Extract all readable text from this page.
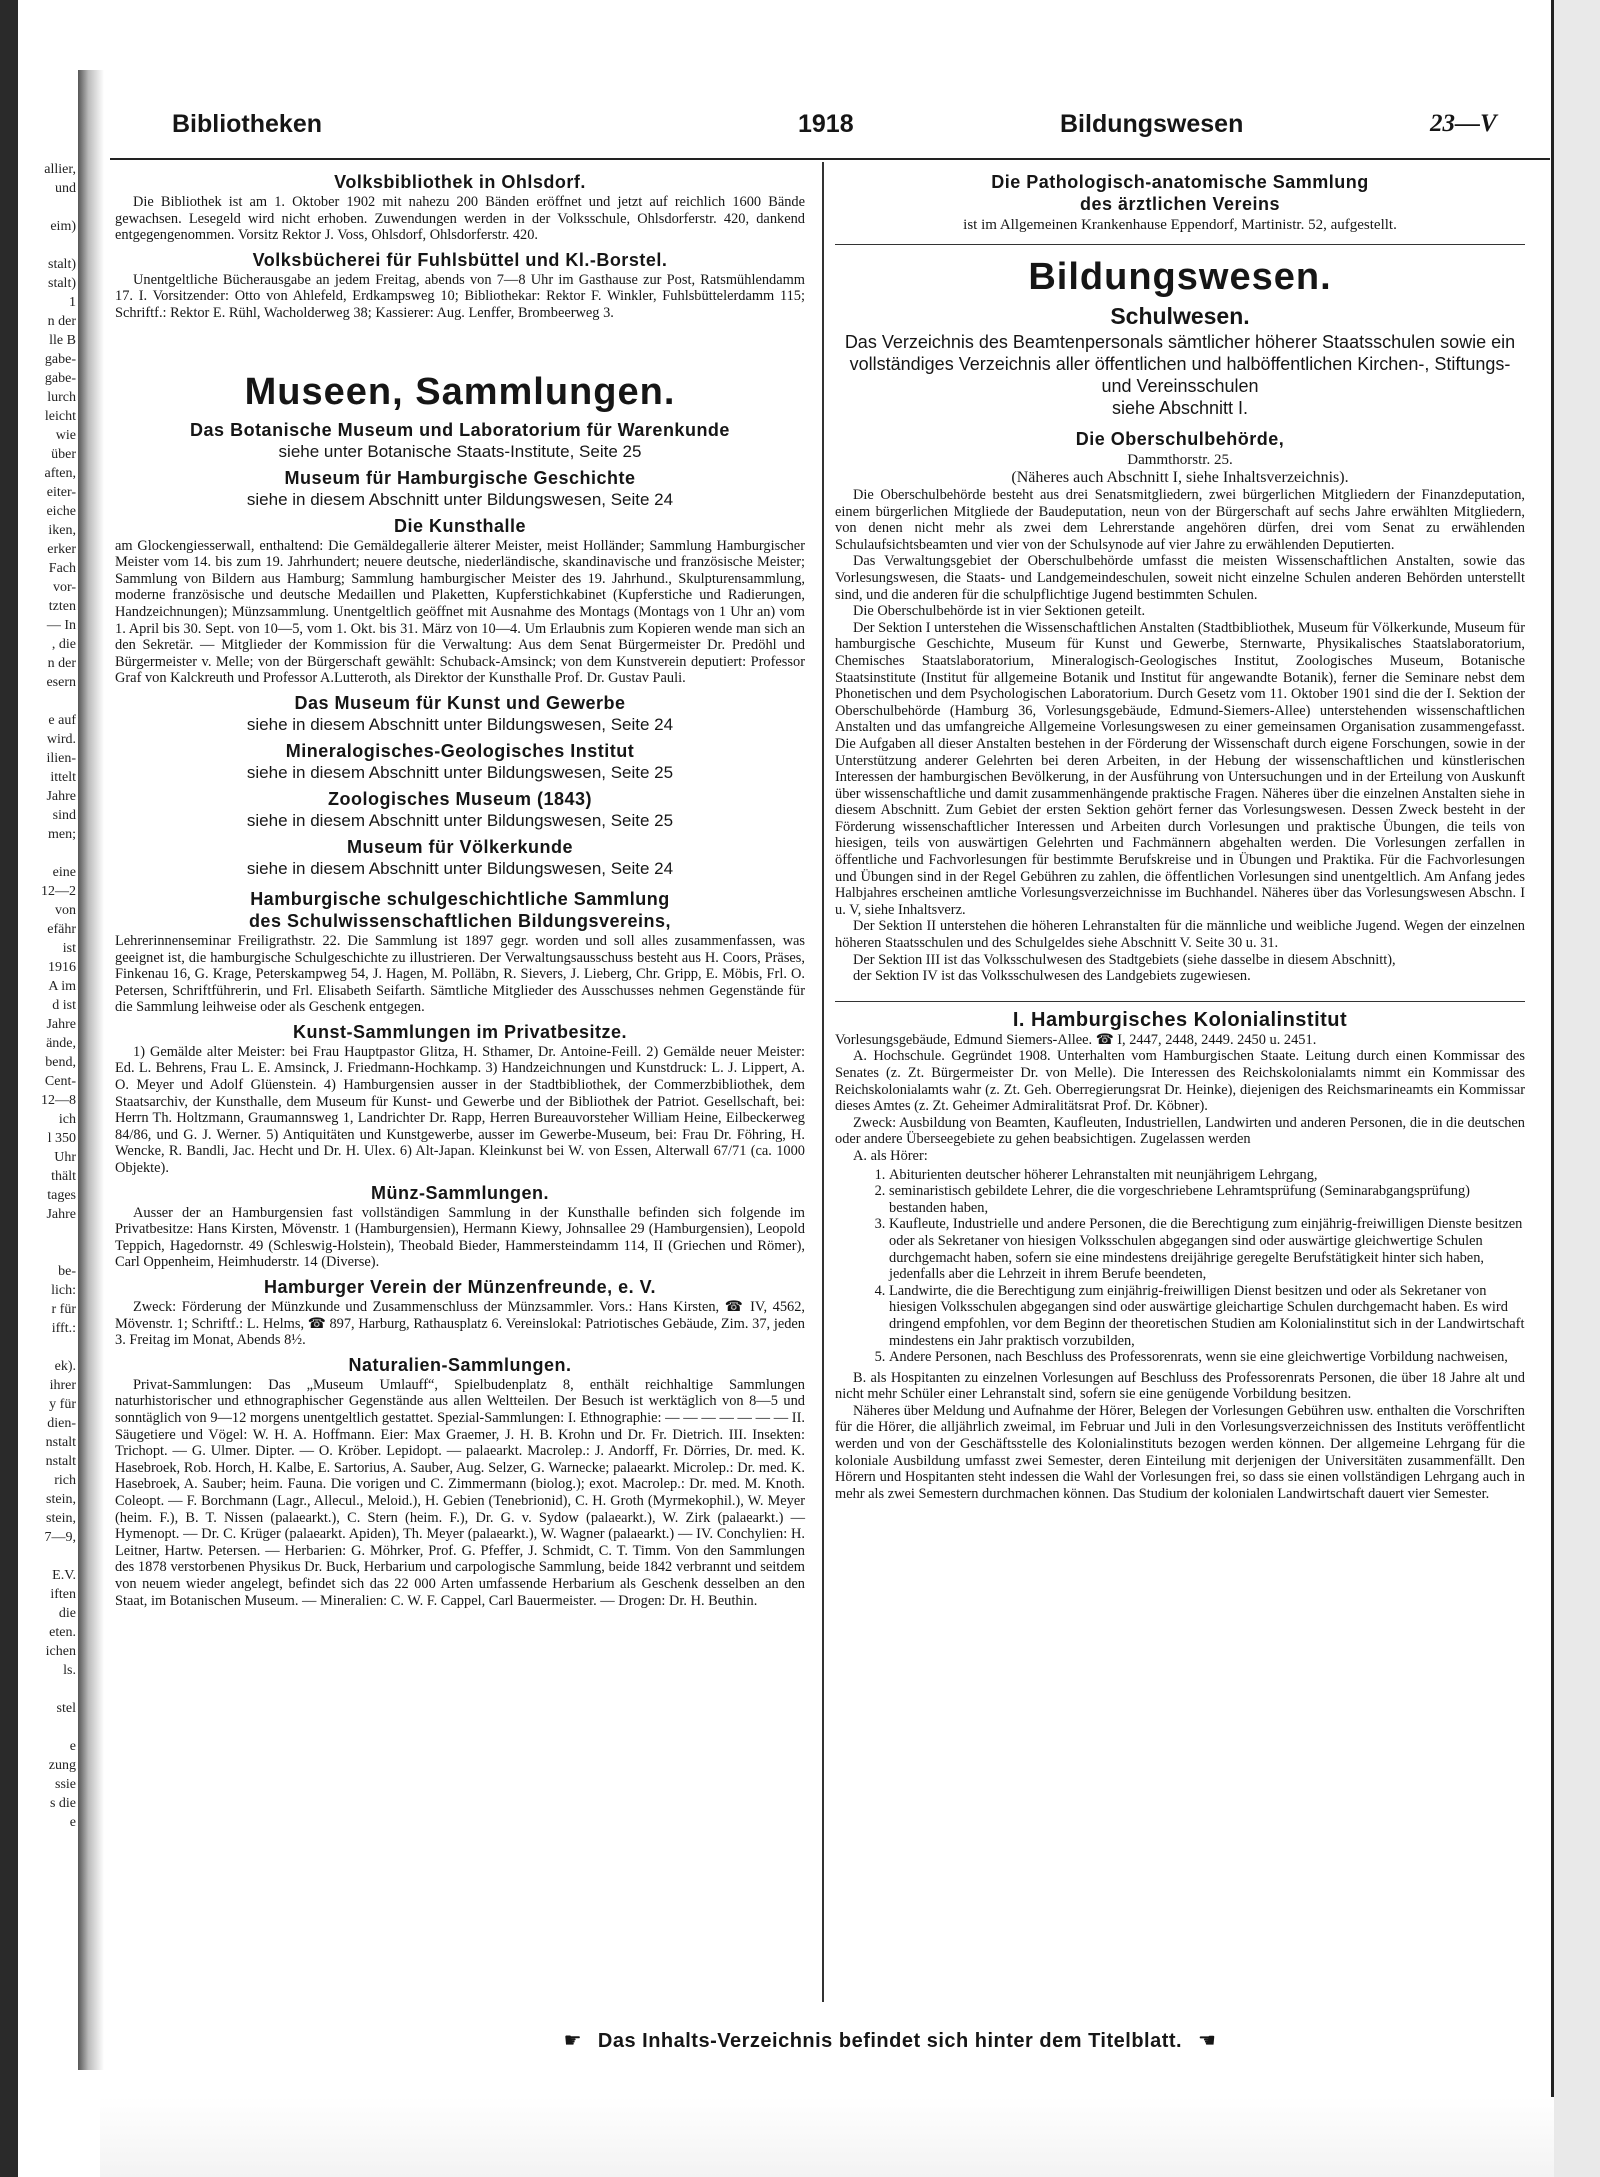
allier,
und

eim)

stalt)
stalt)
1
n der
lle B
gabe-
gabe-
lurch
leicht
wie
über
aften,
eiter-
eiche
iken,
erker
Fach
vor-
tzten
— In
, die
n der
esern

e auf
wird.
ilien-
ittelt
Jahre
sind
men;

eine
12—2
von
efähr
ist
1916
A im
d ist
Jahre
ände,
bend,
Cent-
12—8
ich
l 350
Uhr
thält
tages
Jahre

be-
lich:
r für
ifft.:

ek).
ihrer
y für
dien-
nstalt
nstalt
rich
stein,
stein,
7—9,

E.V.
iften
die
eten.
ichen
ls.

stel

e
zung
ssie
s die
e
Bibliotheken	1918	Bildungswesen	23—V
Volksbibliothek in Ohlsdorf.

Die Bibliothek ist am 1. Oktober 1902 mit nahezu 200 Bänden eröffnet und jetzt auf reichlich 1600 Bände gewachsen. Lesegeld wird nicht erhoben. Zuwendungen werden in der Volksschule, Ohlsdorferstr. 420, dankend entgegengenommen. Vorsitz Rektor J. Voss, Ohlsdorf, Ohlsdorferstr. 420.

Volksbücherei für Fuhlsbüttel und Kl.-Borstel.

Unentgeltliche Bücherausgabe an jedem Freitag, abends von 7—8 Uhr im Gasthause zur Post, Ratsmühlendamm 17. I. Vorsitzender: Otto von Ahlefeld, Erdkampsweg 10; Bibliothekar: Rektor F. Winkler, Fuhlsbüttelerdamm 115; Schriftf.: Rektor E. Rühl, Wacholderweg 38; Kassierer: Aug. Lenffer, Brombeerweg 3.

Museen, Sammlungen.
Das Botanische Museum und Laboratorium für Warenkunde
siehe unter Botanische Staats-Institute, Seite 25
Museum für Hamburgische Geschichte
siehe in diesem Abschnitt unter Bildungswesen, Seite 24
Die Kunsthalle

am Glockengiesserwall, enthaltend: Die Gemäldegallerie älterer Meister, meist Holländer; Sammlung Hamburgischer Meister vom 14. bis zum 19. Jahrhundert; neuere deutsche, niederländische, skandinavische und französische Meister; Sammlung von Bildern aus Hamburg; Sammlung hamburgischer Meister des 19. Jahrhund., Skulpturensammlung, moderne französische und deutsche Medaillen und Plaketten, Kupferstichkabinet (Kupferstiche und Radierungen, Handzeichnungen); Münzsammlung. Unentgeltlich geöffnet mit Ausnahme des Montags (Montags von 1 Uhr an) vom 1. April bis 30. Sept. von 10—5, vom 1. Okt. bis 31. März von 10—4. Um Erlaubnis zum Kopieren wende man sich an den Sekretär. — Mitglieder der Kommission für die Verwaltung: Aus dem Senat Bürgermeister Dr. Predöhl und Bürgermeister v. Melle; von der Bürgerschaft gewählt: Schuback-Amsinck; von dem Kunstverein deputiert: Professor Graf von Kalckreuth und Professor A.Lutteroth, als Direktor der Kunsthalle Prof. Dr. Gustav Pauli.

Das Museum für Kunst und Gewerbe
siehe in diesem Abschnitt unter Bildungswesen, Seite 24
Mineralogisches-Geologisches Institut
siehe in diesem Abschnitt unter Bildungswesen, Seite 25
Zoologisches Museum (1843)
siehe in diesem Abschnitt unter Bildungswesen, Seite 25
Museum für Völkerkunde
siehe in diesem Abschnitt unter Bildungswesen, Seite 24
Hamburgische schulgeschichtliche Sammlung
des Schulwissenschaftlichen Bildungsvereins,

Lehrerinnenseminar Freiligrathstr. 22. Die Sammlung ist 1897 gegr. worden und soll alles zusammenfassen, was geeignet ist, die hamburgische Schulgeschichte zu illustrieren. Der Verwaltungsausschuss besteht aus H. Coors, Präses, Finkenau 16, G. Krage, Peterskampweg 54, J. Hagen, M. Polläbn, R. Sievers, J. Lieberg, Chr. Gripp, E. Möbis, Frl. O. Petersen, Schriftführerin, und Frl. Elisabeth Seifarth. Sämtliche Mitglieder des Ausschusses nehmen Gegenstände für die Sammlung leihweise oder als Geschenk entgegen.

Kunst-Sammlungen im Privatbesitze.

1) Gemälde alter Meister: bei Frau Hauptpastor Glitza, H. Sthamer, Dr. Antoine-Feill. 2) Gemälde neuer Meister: Ed. L. Behrens, Frau L. E. Amsinck, J. Friedmann-Hochkamp. 3) Handzeichnungen und Kunstdruck: L. J. Lippert, A. O. Meyer und Adolf Glüenstein. 4) Hamburgensien ausser in der Stadtbibliothek, der Commerzbibliothek, dem Staatsarchiv, der Kunsthalle, dem Museum für Kunst- und Gewerbe und der Bibliothek der Patriot. Gesellschaft, bei: Herrn Th. Holtzmann, Graumannsweg 1, Landrichter Dr. Rapp, Herren Bureauvorsteher William Heine, Eilbeckerweg 84/86, und G. J. Werner. 5) Antiquitäten und Kunstgewerbe, ausser im Gewerbe-Museum, bei: Frau Dr. Föhring, H. Wencke, R. Bandli, Jac. Hecht und Dr. H. Ulex. 6) Alt-Japan. Kleinkunst bei W. von Essen, Alterwall 67/71 (ca. 1000 Objekte).

Münz-Sammlungen.

Ausser der an Hamburgensien fast vollständigen Sammlung in der Kunsthalle befinden sich folgende im Privatbesitze: Hans Kirsten, Mövenstr. 1 (Hamburgensien), Hermann Kiewy, Johnsallee 29 (Hamburgensien), Leopold Teppich, Hagedornstr. 49 (Schleswig-Holstein), Theobald Bieder, Hammersteindamm 114, II (Griechen und Römer), Carl Oppenheim, Heimhuderstr. 14 (Diverse).

Hamburger Verein der Münzenfreunde, e. V.

Zweck: Förderung der Münzkunde und Zusammenschluss der Münzsammler. Vors.: Hans Kirsten, ☎ IV, 4562, Mövenstr. 1; Schriftf.: L. Helms, ☎ 897, Harburg, Rathausplatz 6. Vereinslokal: Patriotisches Gebäude, Zim. 37, jeden 3. Freitag im Monat, Abends 8½.

Naturalien-Sammlungen.

Privat-Sammlungen: Das „Museum Umlauff“, Spielbudenplatz 8, enthält reichhaltige Sammlungen naturhistorischer und ethnographischer Gegenstände aus allen Weltteilen. Der Besuch ist werktäglich von 8—5 und sonntäglich von 9—12 morgens unentgeltlich gestattet. Spezial-Sammlungen: I. Ethnographie: — — — — — — — II. Säugetiere und Vögel: W. H. A. Hoffmann. Eier: Max Graemer, J. H. B. Krohn und Dr. Fr. Dietrich. III. Insekten: Trichopt. — G. Ulmer. Dipter. — O. Kröber. Lepidopt. — palaearkt. Macrolep.: J. Andorff, Fr. Dörries, Dr. med. K. Hasebroek, Rob. Horch, H. Kalbe, E. Sartorius, A. Sauber, Aug. Selzer, G. Warnecke; palaearkt. Microlep.: Dr. med. K. Hasebroek, A. Sauber; heim. Fauna. Die vorigen und C. Zimmermann (biolog.); exot. Macrolep.: Dr. med. M. Knoth. Coleopt. — F. Borchmann (Lagr., Allecul., Meloid.), H. Gebien (Tenebrionid), C. H. Groth (Myrmekophil.), W. Meyer (heim. F.), B. T. Nissen (palaearkt.), C. Stern (heim. F.), Dr. G. v. Sydow (palaearkt.), W. Zirk (palaearkt.) — Hymenopt. — Dr. C. Krüger (palaearkt. Apiden), Th. Meyer (palaearkt.), W. Wagner (palaearkt.) — IV. Conchylien: H. Leitner, Hartw. Petersen. — Herbarien: G. Möhrker, Prof. G. Pfeffer, J. Schmidt, C. T. Timm. Von den Sammlungen des 1878 verstorbenen Physikus Dr. Buck, Herbarium und carpologische Sammlung, beide 1842 verbrannt und seitdem von neuem wieder angelegt, befindet sich das 22 000 Arten umfassende Herbarium als Geschenk desselben an den Staat, im Botanischen Museum. — Mineralien: C. W. F. Cappel, Carl Bauermeister. — Drogen: Dr. H. Beuthin.

Die Pathologisch-anatomische Sammlung
des ärztlichen Vereins
ist im Allgemeinen Krankenhause Eppendorf, Martinistr. 52, aufgestellt.
Bildungswesen.
Schulwesen.
Das Verzeichnis des Beamtenpersonals sämtlicher höherer Staatsschulen sowie ein vollständiges Verzeichnis aller öffentlichen und halböffentlichen Kirchen-, Stiftungs- und Vereinsschulen
siehe Abschnitt I.
Die Oberschulbehörde,
Dammthorstr. 25.
(Näheres auch Abschnitt I, siehe Inhaltsverzeichnis).

Die Oberschulbehörde besteht aus drei Senatsmitgliedern, zwei bürgerlichen Mitgliedern der Finanzdeputation, einem bürgerlichen Mitgliede der Baudeputation, neun von der Bürgerschaft auf sechs Jahre erwählten Mitgliedern, von denen nicht mehr als zwei dem Lehrerstande angehören dürfen, drei vom Senat zu erwählenden Schulaufsichtsbeamten und vier von der Schulsynode auf vier Jahre zu erwählenden Deputierten.

Das Verwaltungsgebiet der Oberschulbehörde umfasst die meisten Wissenschaftlichen Anstalten, sowie das Vorlesungswesen, die Staats- und Landgemeindeschulen, soweit nicht einzelne Schulen anderen Behörden unterstellt sind, und die anderen für die schulpflichtige Jugend bestimmten Schulen.

Die Oberschulbehörde ist in vier Sektionen geteilt.

Der Sektion I unterstehen die Wissenschaftlichen Anstalten (Stadtbibliothek, Museum für Völkerkunde, Museum für hamburgische Geschichte, Museum für Kunst und Gewerbe, Sternwarte, Physikalisches Staatslaboratorium, Chemisches Staatslaboratorium, Mineralogisch-Geologisches Institut, Zoologisches Museum, Botanische Staatsinstitute (Institut für allgemeine Botanik und Institut für angewandte Botanik), ferner die Seminare nebst dem Phonetischen und dem Psychologischen Laboratorium. Durch Gesetz vom 11. Oktober 1901 sind die der I. Sektion der Oberschulbehörde (Hamburg 36, Vorlesungsgebäude, Edmund-Siemers-Allee) unterstehenden wissenschaftlichen Anstalten und das umfangreiche Allgemeine Vorlesungswesen zu einer gemeinsamen Organisation zusammengefasst. Die Aufgaben all dieser Anstalten bestehen in der Förderung der Wissenschaft durch eigene Forschungen, sowie in der Unterstützung anderer Gelehrten bei deren Arbeiten, in der Hebung der wissenschaftlichen und künstlerischen Interessen der hamburgischen Bevölkerung, in der Ausführung von Untersuchungen und in der Erteilung von Auskunft über wissenschaftliche und damit zusammenhängende praktische Fragen. Näheres über die einzelnen Anstalten siehe in diesem Abschnitt. Zum Gebiet der ersten Sektion gehört ferner das Vorlesungswesen. Dessen Zweck besteht in der Förderung wissenschaftlicher Interessen und Arbeiten durch Vorlesungen und praktische Übungen, die teils von hiesigen, teils von auswärtigen Gelehrten und Fachmännern abgehalten werden. Die Vorlesungen zerfallen in öffentliche und Fachvorlesungen für bestimmte Berufskreise und in Übungen und Praktika. Für die Fachvorlesungen und Übungen sind in der Regel Gebühren zu zahlen, die öffentlichen Vorlesungen sind unentgeltlich. Am Anfang jedes Halbjahres erscheinen amtliche Vorlesungsverzeichnisse im Buchhandel. Näheres über das Vorlesungswesen Abschn. I u. V, siehe Inhaltsverz.

Der Sektion II unterstehen die höheren Lehranstalten für die männliche und weibliche Jugend. Wegen der einzelnen höheren Staatsschulen und des Schulgeldes siehe Abschnitt V. Seite 30 u. 31.

Der Sektion III ist das Volksschulwesen des Stadtgebiets (siehe dasselbe in diesem Abschnitt),

der Sektion IV ist das Volksschulwesen des Landgebiets zugewiesen.

I. Hamburgisches Kolonialinstitut

Vorlesungsgebäude, Edmund Siemers-Allee. ☎ I, 2447, 2448, 2449. 2450 u. 2451.

A. Hochschule. Gegründet 1908. Unterhalten vom Hamburgischen Staate. Leitung durch einen Kommissar des Senates (z. Zt. Bürgermeister Dr. von Melle). Die Interessen des Reichskolonialamts nimmt ein Kommissar des Reichskolonialamts wahr (z. Zt. Geh. Oberregierungsrat Dr. Heinke), diejenigen des Reichsmarineamts ein Kommissar dieses Amtes (z. Zt. Geheimer Admiralitätsrat Prof. Dr. Köbner).

Zweck: Ausbildung von Beamten, Kaufleuten, Industriellen, Landwirten und anderen Personen, die in die deutschen oder andere Überseegebiete zu gehen beabsichtigen. Zugelassen werden

A. als Hörer:

1. Abiturienten deutscher höherer Lehranstalten mit neunjährigem Lehrgang,
2. seminaristisch gebildete Lehrer, die die vorgeschriebene Lehramtsprüfung (Seminarabgangsprüfung) bestanden haben,
3. Kaufleute, Industrielle und andere Personen, die die Berechtigung zum einjährig-freiwilligen Dienste besitzen oder als Sekretaner von hiesigen Volksschulen abgegangen sind oder auswärtige gleichwertige Schulen durchgemacht haben, sofern sie eine mindestens dreijährige geregelte Berufstätigkeit hinter sich haben, jedenfalls aber die Lehrzeit in ihrem Berufe beendeten,
4. Landwirte, die die Berechtigung zum einjährig-freiwilligen Dienst besitzen und oder als Sekretaner von hiesigen Volksschulen abgegangen sind oder auswärtige gleichartige Schulen durchgemacht haben. Es wird dringend empfohlen, vor dem Beginn der theoretischen Studien am Kolonialinstitut sich in der Landwirtschaft mindestens ein Jahr praktisch vorzubilden,
5. Andere Personen, nach Beschluss des Professorenrats, wenn sie eine gleichwertige Vorbildung nachweisen,

B. als Hospitanten zu einzelnen Vorlesungen auf Beschluss des Professorenrats Personen, die über 18 Jahre alt und nicht mehr Schüler einer Lehranstalt sind, sofern sie eine genügende Vorbildung besitzen.

Näheres über Meldung und Aufnahme der Hörer, Belegen der Vorlesungen Gebühren usw. enthalten die Vorschriften für die Hörer, die alljährlich zweimal, im Februar und Juli in den Vorlesungsverzeichnissen des Instituts veröffentlicht werden und von der Geschäftsstelle des Kolonialinstituts bezogen werden können. Der allgemeine Lehrgang für die koloniale Ausbildung umfasst zwei Semester, deren Einteilung mit derjenigen der Universitäten zusammenfällt. Den Hörern und Hospitanten steht indessen die Wahl der Vorlesungen frei, so dass sie einen vollständigen Lehrgang auch in mehr als zwei Semestern durchmachen können. Das Studium der kolonialen Landwirtschaft dauert vier Semester.

☛ Das Inhalts-Verzeichnis befindet sich hinter dem Titelblatt. ☚
